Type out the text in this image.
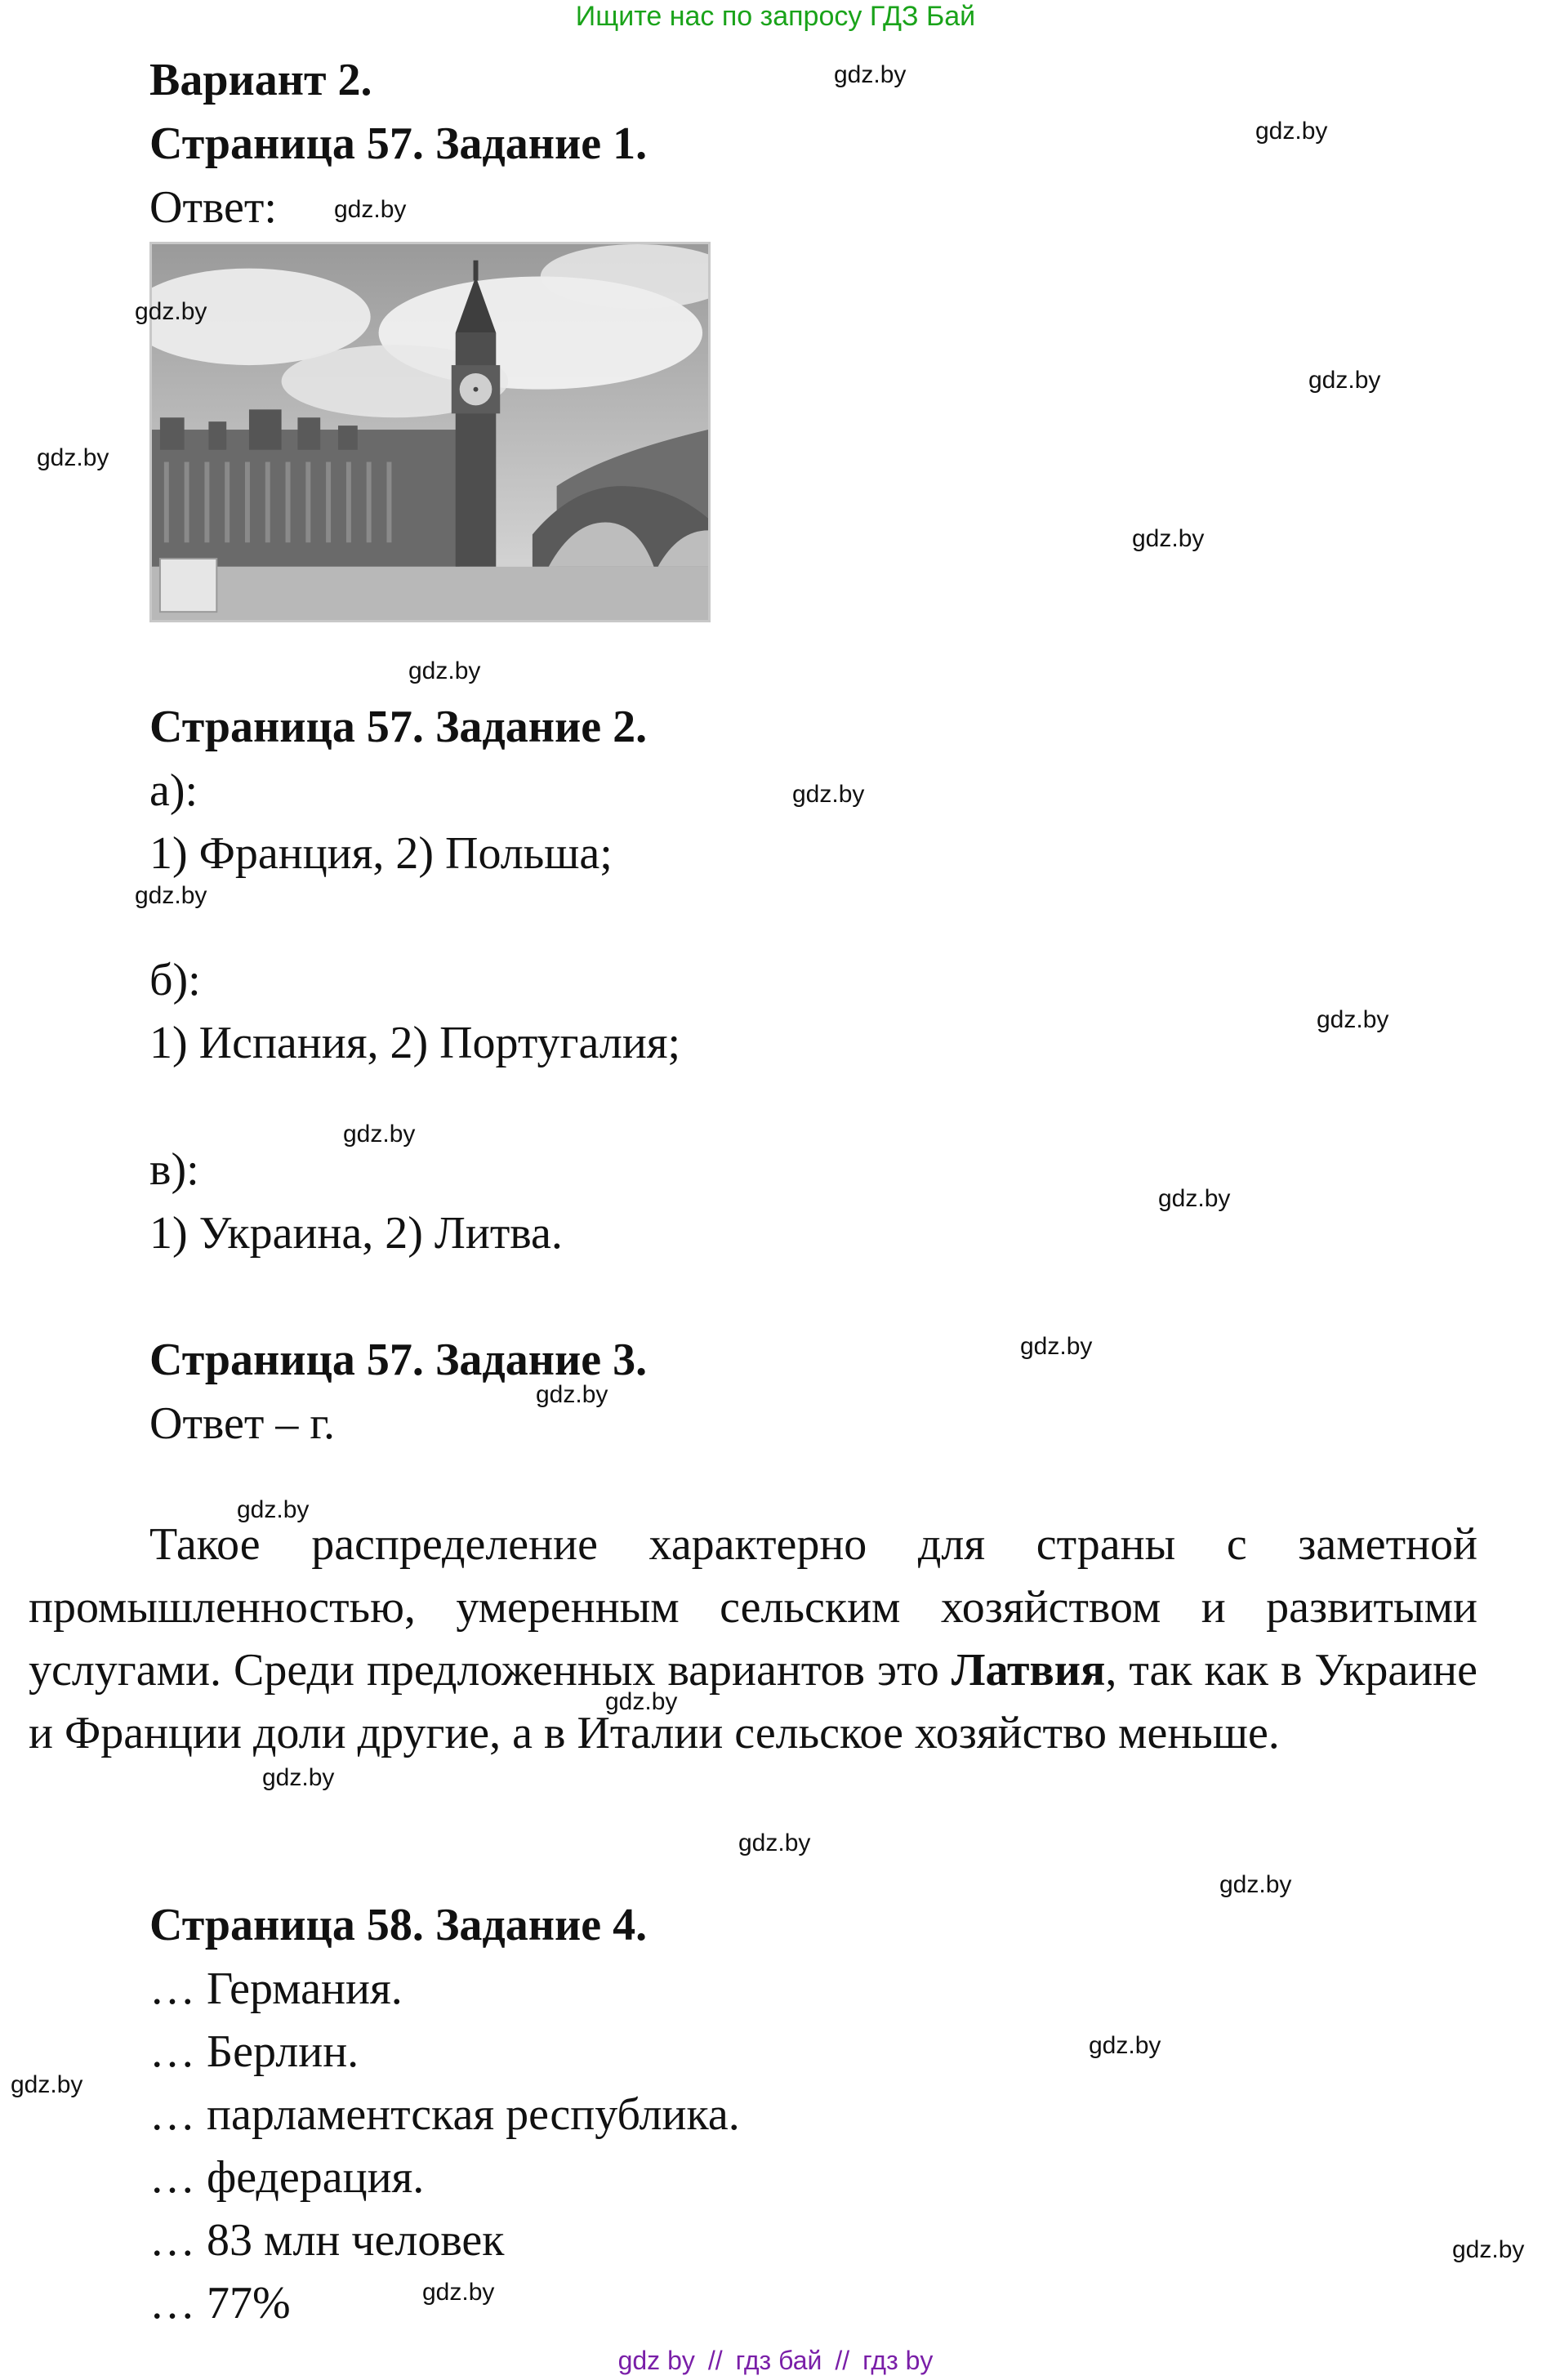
Ищите нас по запросу ГДЗ Бай
Вариант 2.
Страница 57. Задание 1.
Ответ:
Страница 57. Задание 2.
а):
1) Франция, 2) Польша;
б):
1) Испания, 2) Португалия;
в):
1) Украина, 2) Литва.
Страница 57. Задание 3.
Ответ – г.
Такое распределение характерно для страны с заметной промышленностью, умеренным сельским хозяйством и развитыми услугами. Среди предложенных вариантов это Латвия, так как в Украине и Франции доли другие, а в Италии сельское хозяйство меньше.
Страница 58. Задание 4.
… Германия.
… Берлин.
… парламентская республика.
… федерация.
… 83 млн человек
… 77%
gdz.by
gdz.by
gdz.by
gdz.by
gdz.by
gdz.by
gdz.by
gdz.by
gdz.by
gdz.by
gdz.by
gdz.by
gdz.by
gdz.by
gdz.by
gdz.by
gdz.by
gdz.by
gdz.by
gdz.by
gdz.by
gdz.by
gdz.by
gdz.by
gdz by // гдз бай // гдз by
